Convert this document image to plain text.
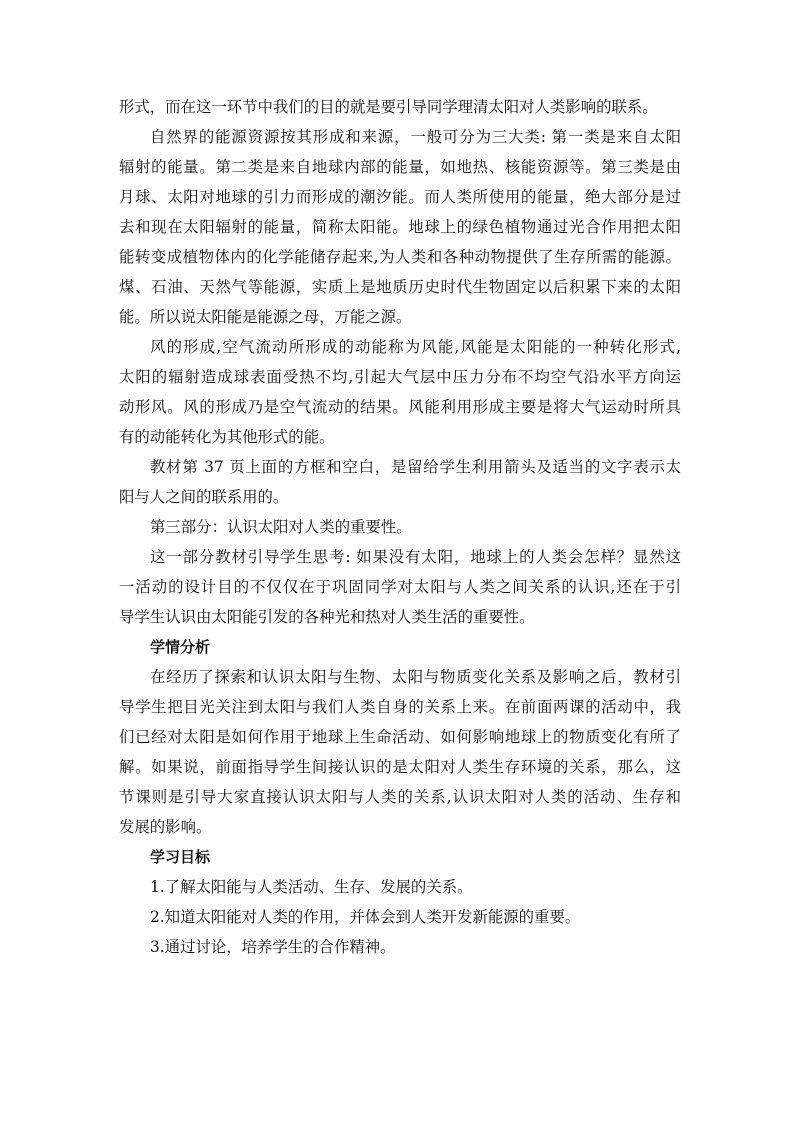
形式，而在这一环节中我们的目的就是要引导同学理清太阳对人类影响的联系。
自然界的能源资源按其形成和来源，一般可分为三大类: 第一类是来自太阳
辐射的能量。第二类是来自地球内部的能量，如地热、核能资源等。第三类是由
月球、太阳对地球的引力而形成的潮汐能。而人类所使用的能量，绝大部分是过
去和现在太阳辐射的能量，简称太阳能。地球上的绿色植物通过光合作用把太阳
能转变成植物体内的化学能储存起来,为人类和各种动物提供了生存所需的能源。
煤、石油、天然气等能源，实质上是地质历史时代生物固定以后积累下来的太阳
能。所以说太阳能是能源之母，万能之源。
风的形成,空气流动所形成的动能称为风能,风能是太阳能的一种转化形式,
太阳的辐射造成球表面受热不均,引起大气层中压力分布不均空气沿水平方向运
动形风。风的形成乃是空气流动的结果。风能利用形成主要是将大气运动时所具
有的动能转化为其他形式的能。
教材第 37 页上面的方框和空白，是留给学生利用箭头及适当的文字表示太
阳与人之间的联系用的。
第三部分：认识太阳对人类的重要性。
这一部分教材引导学生思考: 如果没有太阳，地球上的人类会怎样？显然这
一活动的设计目的不仅仅在于巩固同学对太阳与人类之间关系的认识,还在于引
导学生认识由太阳能引发的各种光和热对人类生活的重要性。
学情分析
在经历了探索和认识太阳与生物、太阳与物质变化关系及影响之后，教材引
导学生把目光关注到太阳与我们人类自身的关系上来。在前面两课的活动中，我
们已经对太阳是如何作用于地球上生命活动、如何影响地球上的物质变化有所了
解。如果说，前面指导学生间接认识的是太阳对人类生存环境的关系，那么，这
节课则是引导大家直接认识太阳与人类的关系,认识太阳对人类的活动、生存和
发展的影响。
学习目标
1.了解太阳能与人类活动、生存、发展的关系。
2.知道太阳能对人类的作用，并体会到人类开发新能源的重要。
3.通过讨论，培养学生的合作精神。
